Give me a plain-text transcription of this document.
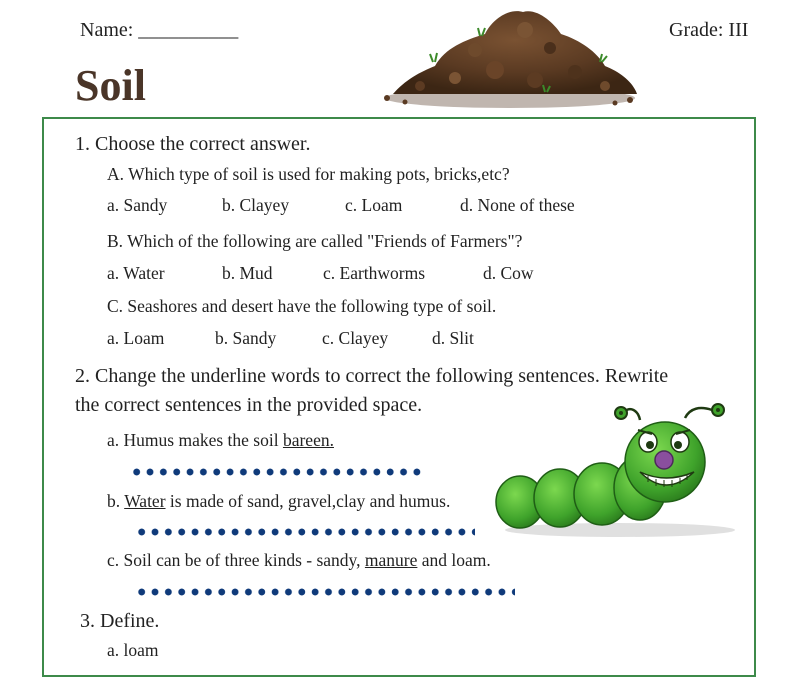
Name: __________	Grade: III
Soil
1. Choose the correct answer.
A. Which type of soil is used for making pots, bricks,etc?
a. Sandy	b. Clayey	c. Loam	d. None of these
B. Which of the following are called "Friends of Farmers"?
a. Water	b. Mud	c. Earthworms	d. Cow
C. Seashores and desert have the following type of soil.
a. Loam	b. Sandy	c. Clayey	d. Slit
2. Change the underline words to correct the following sentences. Rewrite
the correct sentences in the provided space.
a. Humus makes the soil bareen.
b. Water is made of sand, gravel,clay and humus.
c. Soil can be of three kinds - sandy, manure and loam.
3. Define.
a. loam
